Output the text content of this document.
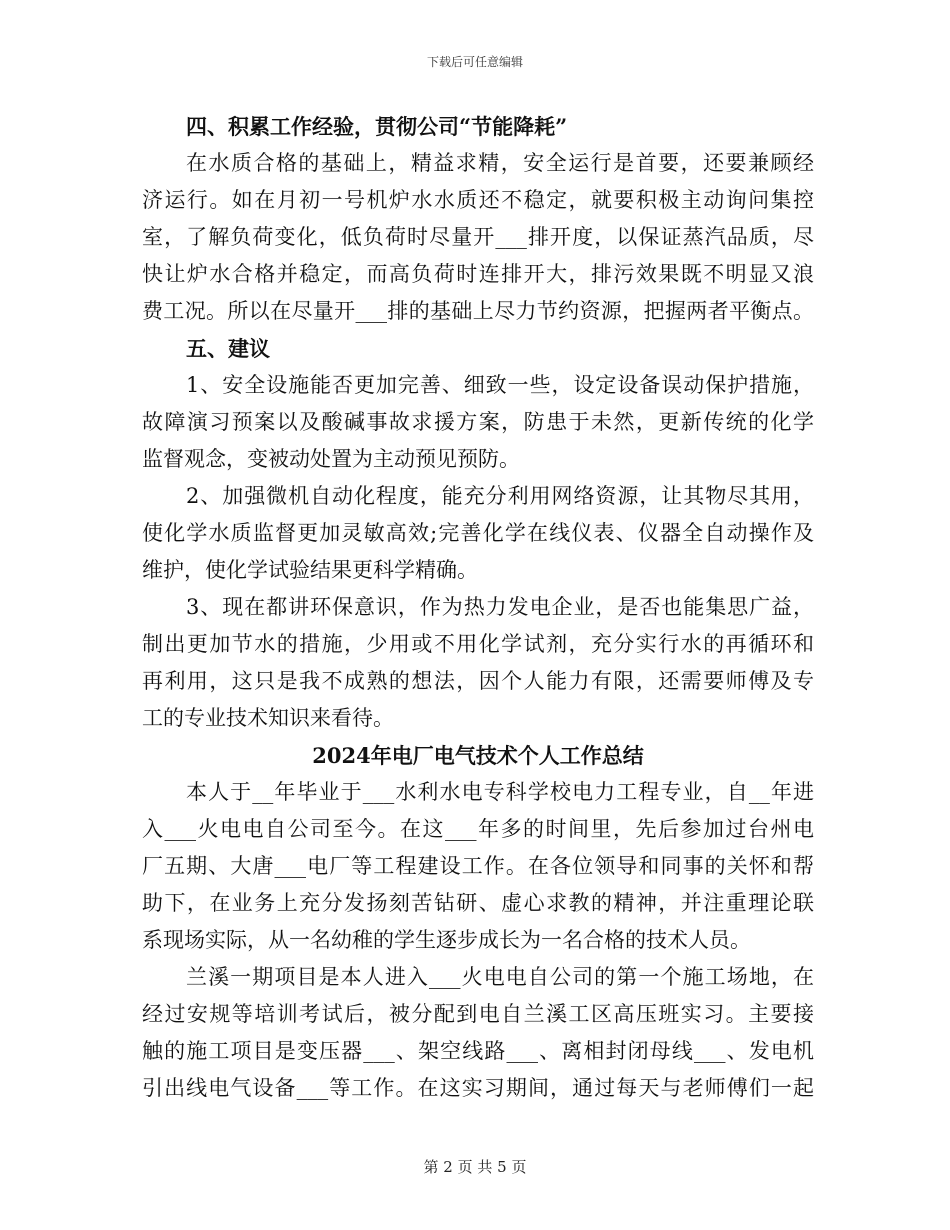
下载后可任意编辑
四、积累工作经验，贯彻公司“节能降耗”
在水质合格的基础上，精益求精，安全运行是首要，还要兼顾经
济运行。如在月初一号机炉水水质还不稳定，就要积极主动询问集控
室，了解负荷变化，低负荷时尽量开___排开度，以保证蒸汽品质，尽
快让炉水合格并稳定，而高负荷时连排开大，排污效果既不明显又浪
费工况。所以在尽量开___排的基础上尽力节约资源，把握两者平衡点。
五、建议
1、安全设施能否更加完善、细致一些，设定设备误动保护措施，
故障演习预案以及酸碱事故求援方案，防患于未然，更新传统的化学
监督观念，变被动处置为主动预见预防。
2、加强微机自动化程度，能充分利用网络资源，让其物尽其用，
使化学水质监督更加灵敏高效;完善化学在线仪表、仪器全自动操作及
维护，使化学试验结果更科学精确。
3、现在都讲环保意识，作为热力发电企业，是否也能集思广益，
制出更加节水的措施，少用或不用化学试剂，充分实行水的再循环和
再利用，这只是我不成熟的想法，因个人能力有限，还需要师傅及专
工的专业技术知识来看待。
2024年电厂电气技术个人工作总结
本人于__年毕业于___水利水电专科学校电力工程专业，自__年进
入___火电电自公司至今。在这___年多的时间里，先后参加过台州电
厂五期、大唐___电厂等工程建设工作。在各位领导和同事的关怀和帮
助下，在业务上充分发扬刻苦钻研、虚心求教的精神，并注重理论联
系现场实际，从一名幼稚的学生逐步成长为一名合格的技术人员。
兰溪一期项目是本人进入___火电电自公司的第一个施工场地，在
经过安规等培训考试后，被分配到电自兰溪工区高压班实习。主要接
触的施工项目是变压器___、架空线路___、离相封闭母线___、发电机
引出线电气设备___等工作。在这实习期间，通过每天与老师傅们一起
第 2 页 共 5 页
